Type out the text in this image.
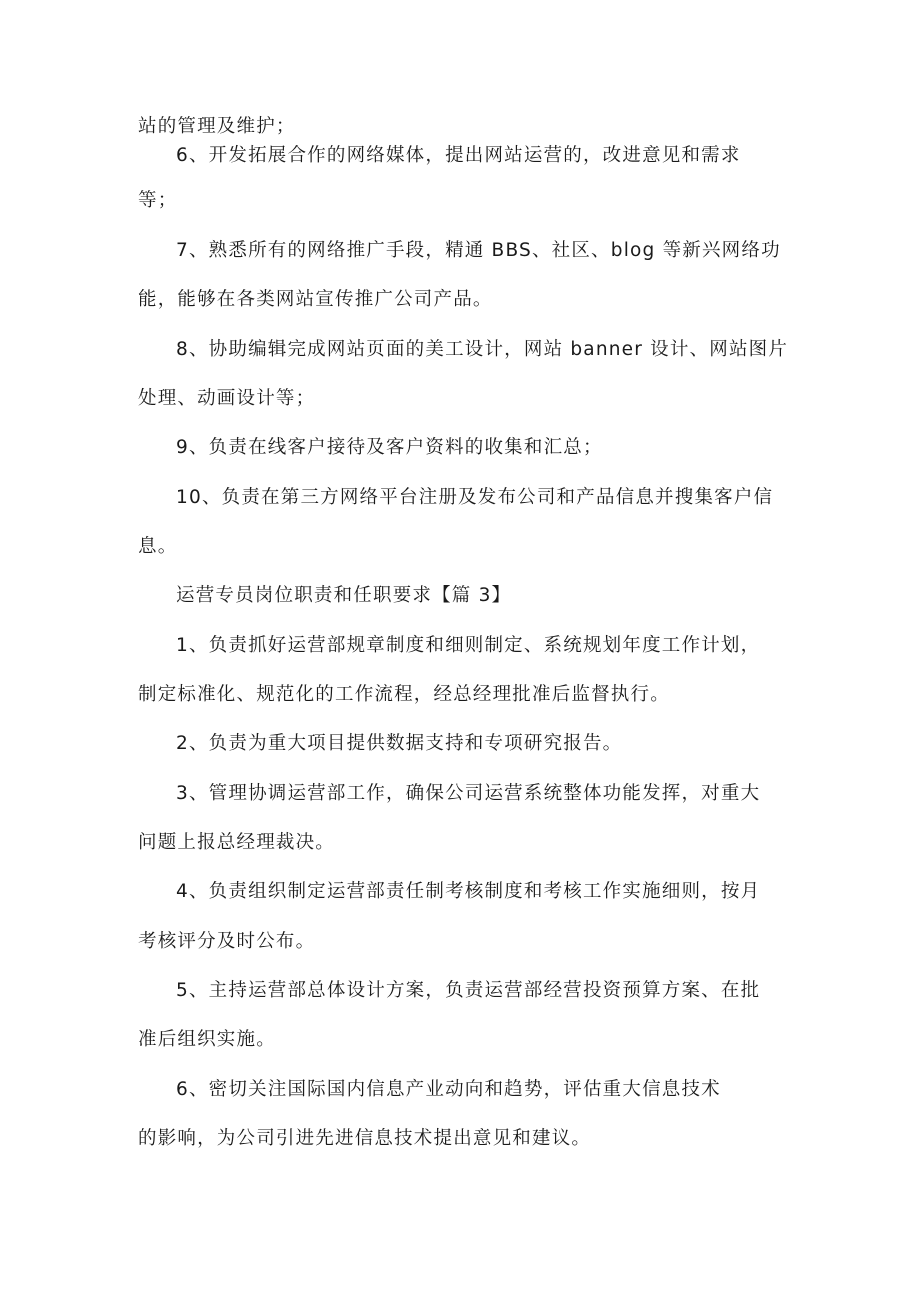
站的管理及维护；

6、开发拓展合作的网络媒体，提出网站运营的，改进意见和需求

等；

7、熟悉所有的网络推广手段，精通 BBS、社区、blog 等新兴网络功

能，能够在各类网站宣传推广公司产品。

8、协助编辑完成网站页面的美工设计，网站 banner 设计、网站图片

处理、动画设计等；

9、负责在线客户接待及客户资料的收集和汇总；

10、负责在第三方网络平台注册及发布公司和产品信息并搜集客户信

息。

运营专员岗位职责和任职要求【篇 3】

1、负责抓好运营部规章制度和细则制定、系统规划年度工作计划，

制定标准化、规范化的工作流程，经总经理批准后监督执行。

2、负责为重大项目提供数据支持和专项研究报告。

3、管理协调运营部工作，确保公司运营系统整体功能发挥，对重大

问题上报总经理裁决。

4、负责组织制定运营部责任制考核制度和考核工作实施细则，按月

考核评分及时公布。

5、主持运营部总体设计方案，负责运营部经营投资预算方案、在批

准后组织实施。

6、密切关注国际国内信息产业动向和趋势，评估重大信息技术

的影响，为公司引进先进信息技术提出意见和建议。
